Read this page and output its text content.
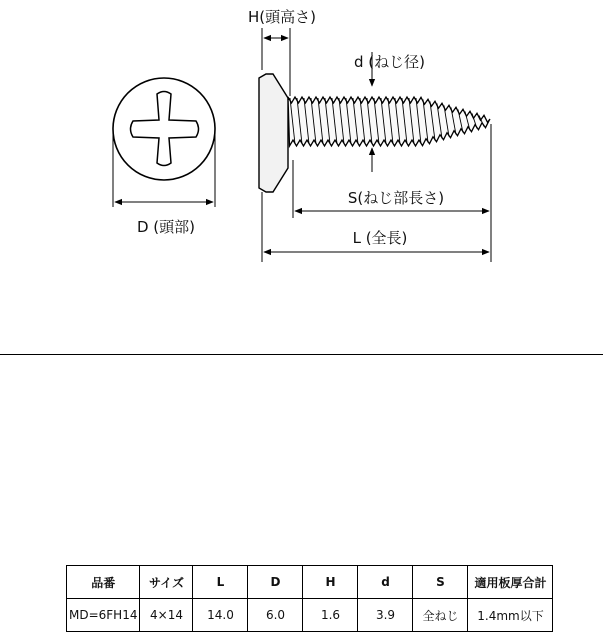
D (頭部)
H(頭高さ)
d (ねじ径)
S(ねじ部長さ)
L (全長)
品番	サイズ	L	D	H	d	S	適用板厚合計
MD=6FH14	4×14	14.0	6.0	1.6	3.9	全ねじ	1.4mm以下
